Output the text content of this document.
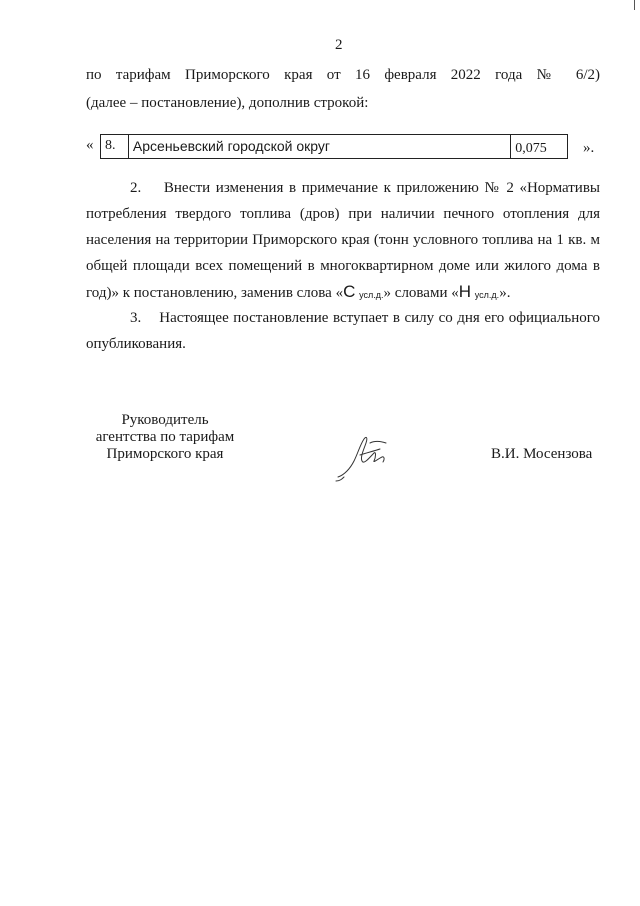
2

по тарифам Приморского края от 16 февраля 2022 года № 6/2)

(далее – постановление), дополнив строкой:

« 8.	Арсеньевский городской округ	0,075	».

2.    Внести изменения в примечание к приложению № 2 «Нормативы

потребления твердого топлива (дров) при наличии печного отопления для

населения на территории Приморского края (тонн условного топлива на 1 кв. м

общей площади всех помещений в многоквартирном доме или жилого дома в

год)» к постановлению, заменив слова «С усл.д.» словами «Н усл.д.».

3.    Настоящее постановление вступает в силу со дня его официального

опубликования.

Руководитель
агентства по тарифам
Приморского края	В.И. Мосензова
